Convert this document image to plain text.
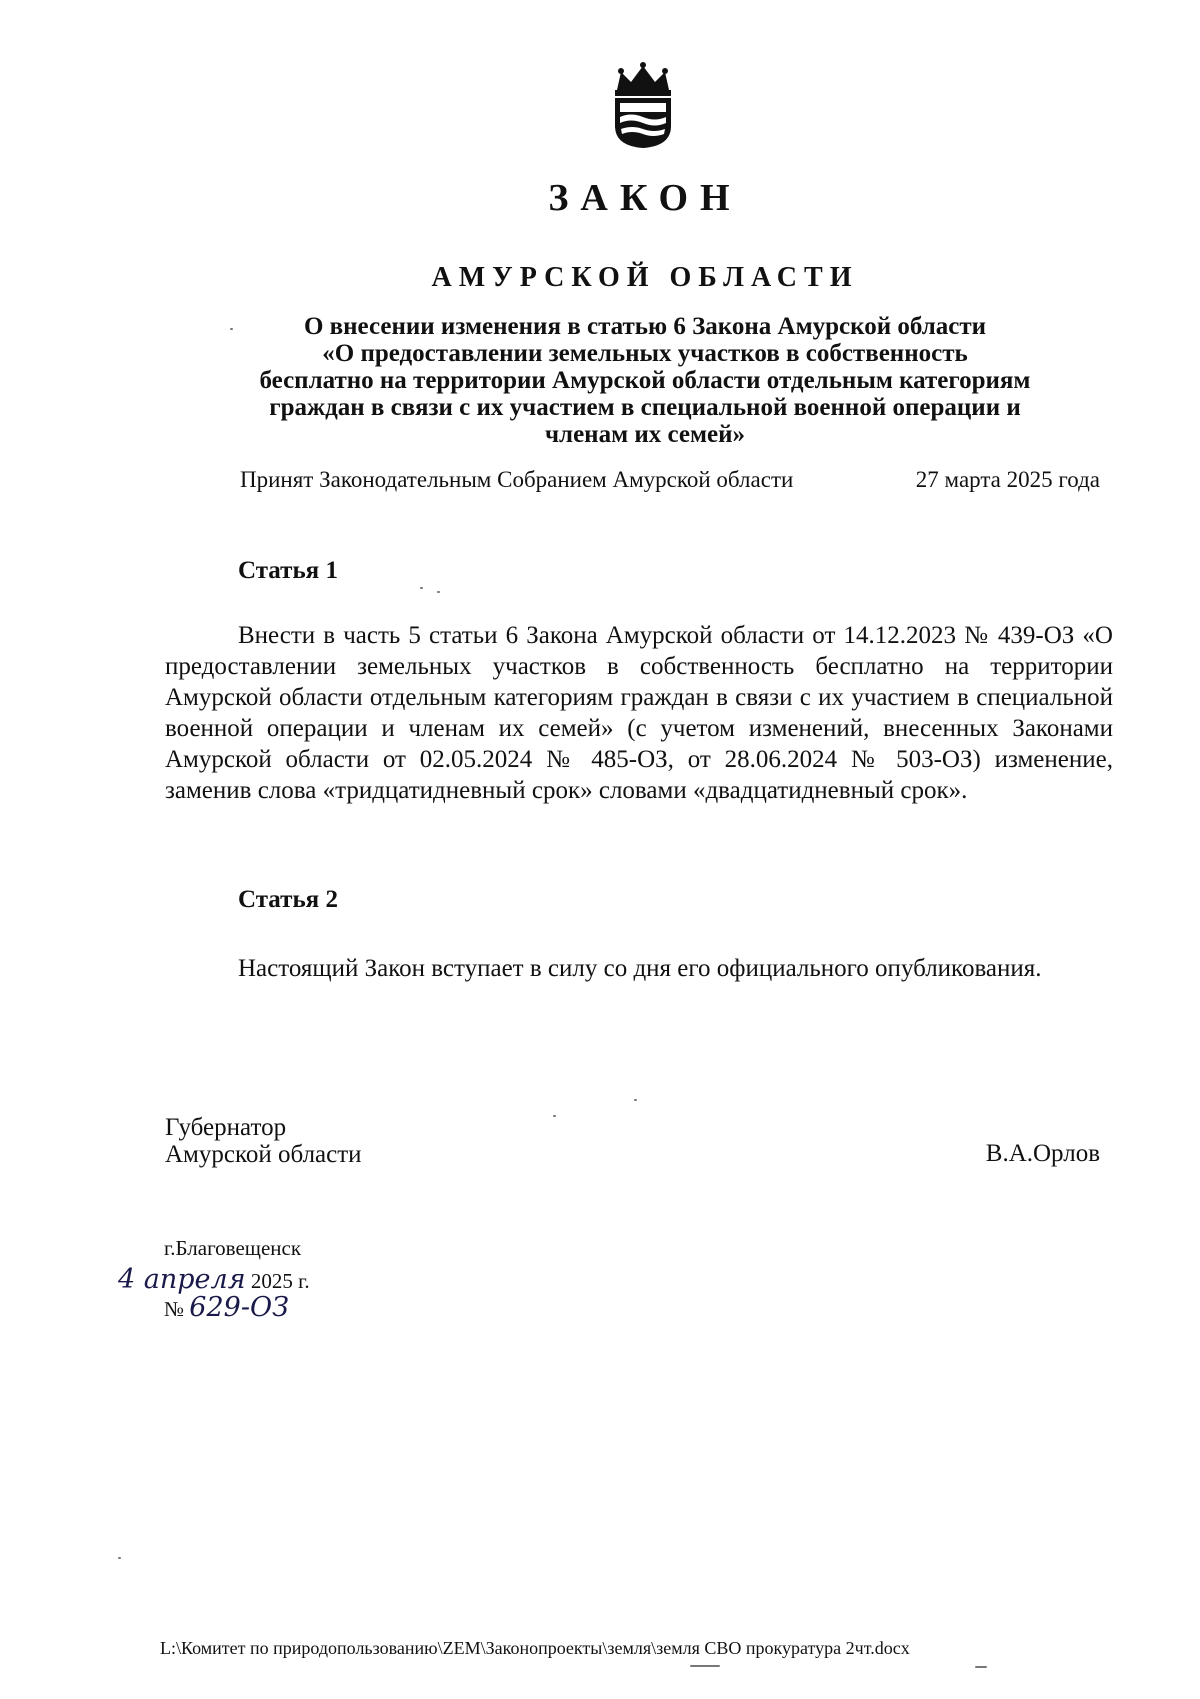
ЗАКОН
АМУРСКОЙ ОБЛАСТИ
О внесении изменения в статью 6 Закона Амурской области
«О предоставлении земельных участков в собственность
бесплатно на территории Амурской области отдельным категориям
граждан в связи с их участием в специальной военной операции и
членам их семей»
Принят Законодательным Собранием Амурской области	27 марта 2025 года
Статья 1
Внести в часть 5 статьи 6 Закона Амурской области от 14.12.2023 № 439-ОЗ «О предоставлении земельных участков в собственность бесплатно на территории Амурской области отдельным категориям граждан в связи с их участием в специальной военной операции и членам их семей» (с учетом изменений, внесенных Законами Амурской области от 02.05.2024 № 485-ОЗ, от 28.06.2024 № 503-ОЗ) изменение, заменив слова «тридцатидневный срок» словами «двадцатидневный срок».
Статья 2
Настоящий Закон вступает в силу со дня его официального опубликования.
Губернатор
Амурской области	В.А.Орлов
г.Благовещенск
4 апреля 2025 г.
№ 629-ОЗ
L:\Комитет по природопользованию\ZEM\Законопроекты\земля\земля СВО прокуратура 2чт.docx
